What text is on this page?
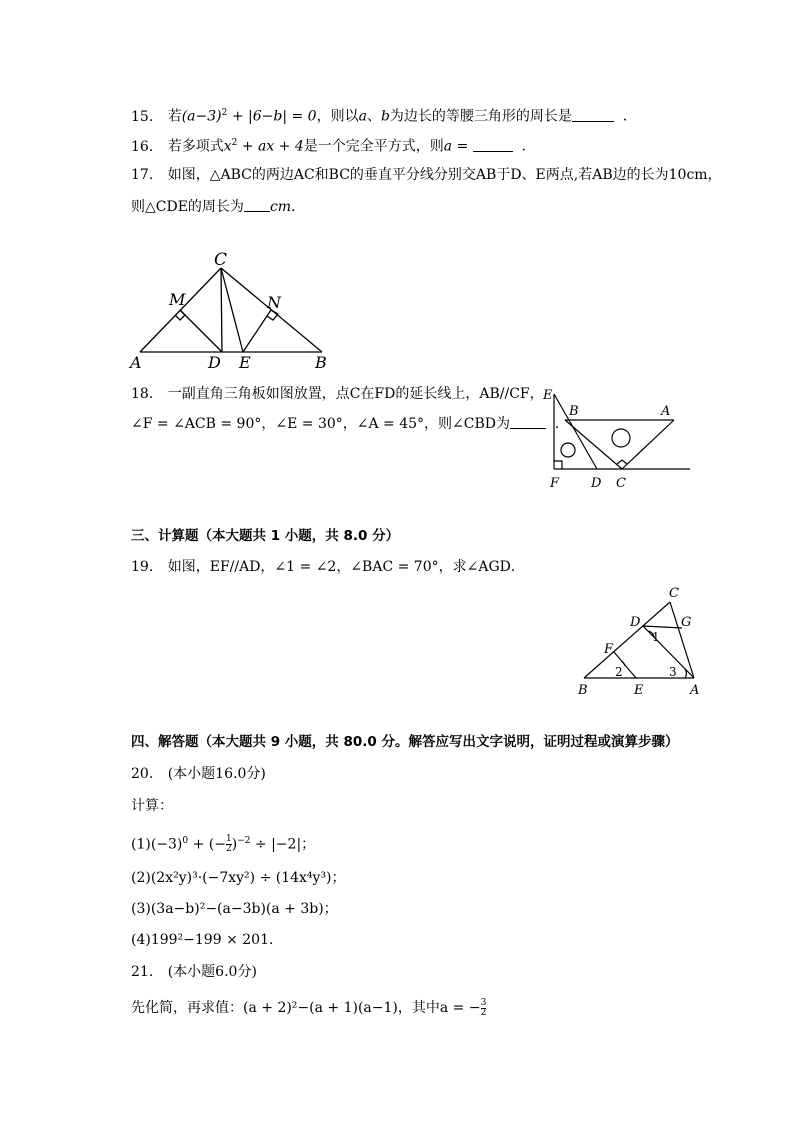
15. 若$(a-3)^2 + |6-b| = 0$，则以a、b为边长的等腰三角形的周长是	．
16. 若多项式$x^2$ + ax + 4是一个完全平方式，则a =	．
17. 如图，△ABC的两边AC和BC的垂直平分线分别交AB于D、E两点,若AB边的长为10cm，
则△CDE的周长为 cm．
C
M	N
A	D E	B
18. 一副直角三角板如图放置，点C在FD的延长线上，AB//CF，
∠F = ∠ACB = 90°，∠E = 30°，∠A = 45°，则∠CBD为	．
E
B	A
F D C
三、计算题（本大题共 1 小题，共 8.0 分）
19. 如图，EF//AD，∠1 = ∠2，∠BAC = 70°，求∠AGD．
C
D	G
1
F
2	3
B	E	A
四、解答题（本大题共 9 小题，共 80.0 分。解答应写出文字说明，证明过程或演算步骤）
20. (本小题16.0分)
计算：
$(1)(-3)^0$ + (− $\frac{1}{2} )^{-2} \div |-2|$；
(2)(2x²y)³·(−7xy²) ÷ (14x⁴y³)；
(3)(3a−b)²−(a−3b)(a + 3b)；
(4)199²−199 × 201．
21. (本小题6.0分)
先化简，再求值：(a + 2)²−(a + 1)(a−1)，其中a = − $\frac{3}{2}$
